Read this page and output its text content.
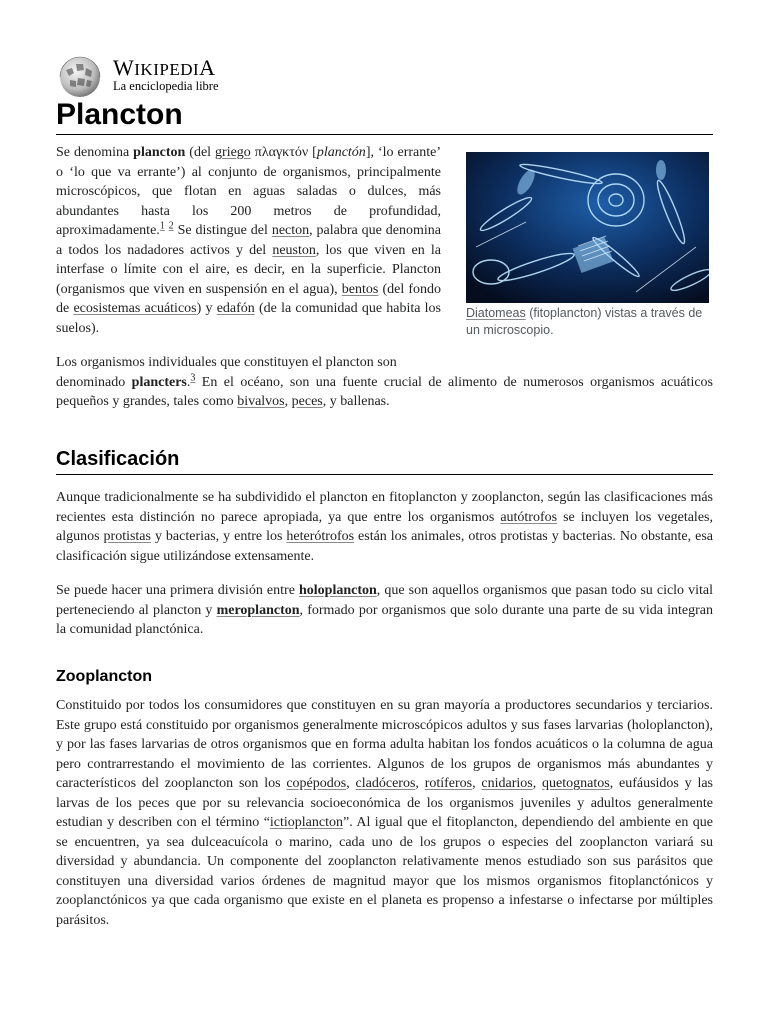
WIKIPEDIA
La enciclopedia libre
Plancton

Se denomina plancton (del griego πλαγκτόν [planctón], ‘lo errante’ o ‘lo que va errante’) al conjunto de organismos, principalmente microscópicos, que flotan en aguas saladas o dulces, más abundantes hasta los 200 metros de profundidad, aproximadamente.$^1$ $^2$ Se distingue del necton, palabra que denomina a todos los nadadores activos y del neuston, los que viven en la interfase o límite con el aire, es decir, en la superficie. Plancton (organismos que viven en suspensión en el agua), bentos (del fondo de ecosistemas acuáticos) y edafón (de la comunidad que habita los suelos).

Diatomeas (fitoplancton) vistas a través de un microscopio.

Los organismos individuales que constituyen el plancton son
denominado plancters.$^3$ En el océano, son una fuente crucial de alimento de numerosos organismos acuáticos pequeños y grandes, tales como bivalvos, peces, y ballenas.

Clasificación

Aunque tradicionalmente se ha subdividido el plancton en fitoplancton y zooplancton, según las clasificaciones más recientes esta distinción no parece apropiada, ya que entre los organismos autótrofos se incluyen los vegetales, algunos protistas y bacterias, y entre los heterótrofos están los animales, otros protistas y bacterias. No obstante, esa clasificación sigue utilizándose extensamente.

Se puede hacer una primera división entre holoplancton, que son aquellos organismos que pasan todo su ciclo vital perteneciendo al plancton y meroplancton, formado por organismos que solo durante una parte de su vida integran la comunidad planctónica.

Zooplancton

Constituido por todos los consumidores que constituyen en su gran mayoría a productores secundarios y terciarios. Este grupo está constituido por organismos generalmente microscópicos adultos y sus fases larvarias (holoplancton), y por las fases larvarias de otros organismos que en forma adulta habitan los fondos acuáticos o la columna de agua pero contrarrestando el movimiento de las corrientes. Algunos de los grupos de organismos más abundantes y característicos del zooplancton son los copépodos, cladóceros, rotíferos, cnidarios, quetognatos, eufáusidos y las larvas de los peces que por su relevancia socioeconómica de los organismos juveniles y adultos generalmente estudian y describen con el término “ictioplancton”. Al igual que el fitoplancton, dependiendo del ambiente en que se encuentren, ya sea dulceacuícola o marino, cada uno de los grupos o especies del zooplancton variará su diversidad y abundancia. Un componente del zooplancton relativamente menos estudiado son sus parásitos que constituyen una diversidad varios órdenes de magnitud mayor que los mismos organismos fitoplanctónicos y zooplanctónicos ya que cada organismo que existe en el planeta es propenso a infestarse o infectarse por múltiples parásitos.
